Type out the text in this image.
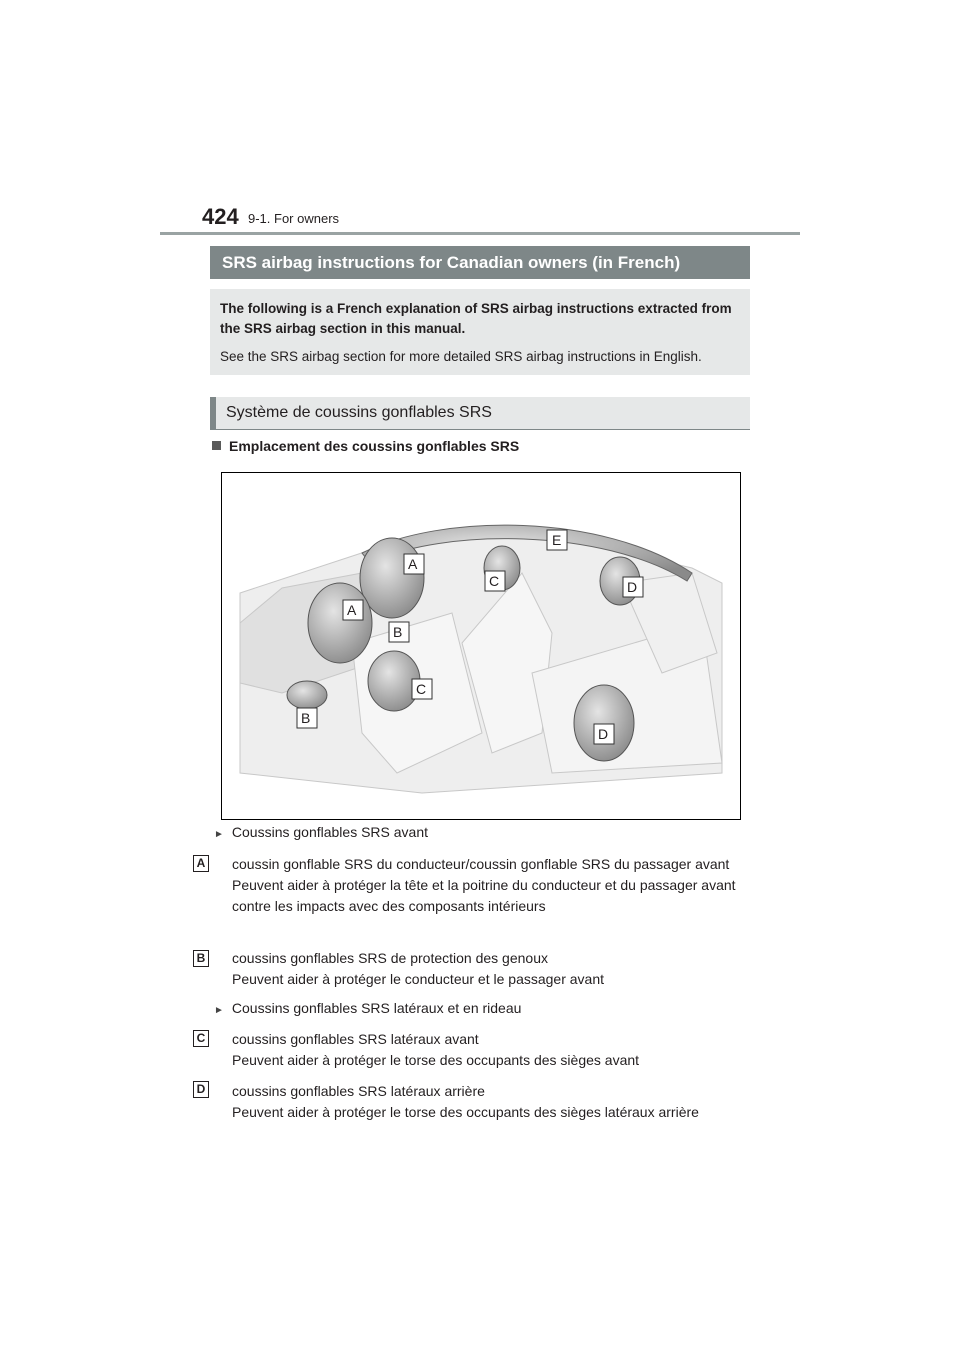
424 9-1. For owners
SRS airbag instructions for Canadian owners (in French)

The following is a French explanation of SRS airbag instructions extracted from the SRS airbag section in this manual.

See the SRS airbag section for more detailed SRS airbag instructions in English.

Système de coussins gonflables SRS
Emplacement des coussins gonflables SRS
E
A
C	D
A
B
C
B
D
► Coussins gonflables SRS avant
A coussin gonflable SRS du conducteur/coussin gonflable SRS du passager avant

Peuvent aider à protéger la tête et la poitrine du conducteur et du passager avant contre les impacts avec des composants intérieurs

B coussins gonflables SRS de protection des genoux

Peuvent aider à protéger le conducteur et le passager avant

► Coussins gonflables SRS latéraux et en rideau
C coussins gonflables SRS latéraux avant

Peuvent aider à protéger le torse des occupants des sièges avant

D coussins gonflables SRS latéraux arrière

Peuvent aider à protéger le torse des occupants des sièges latéraux arrière
